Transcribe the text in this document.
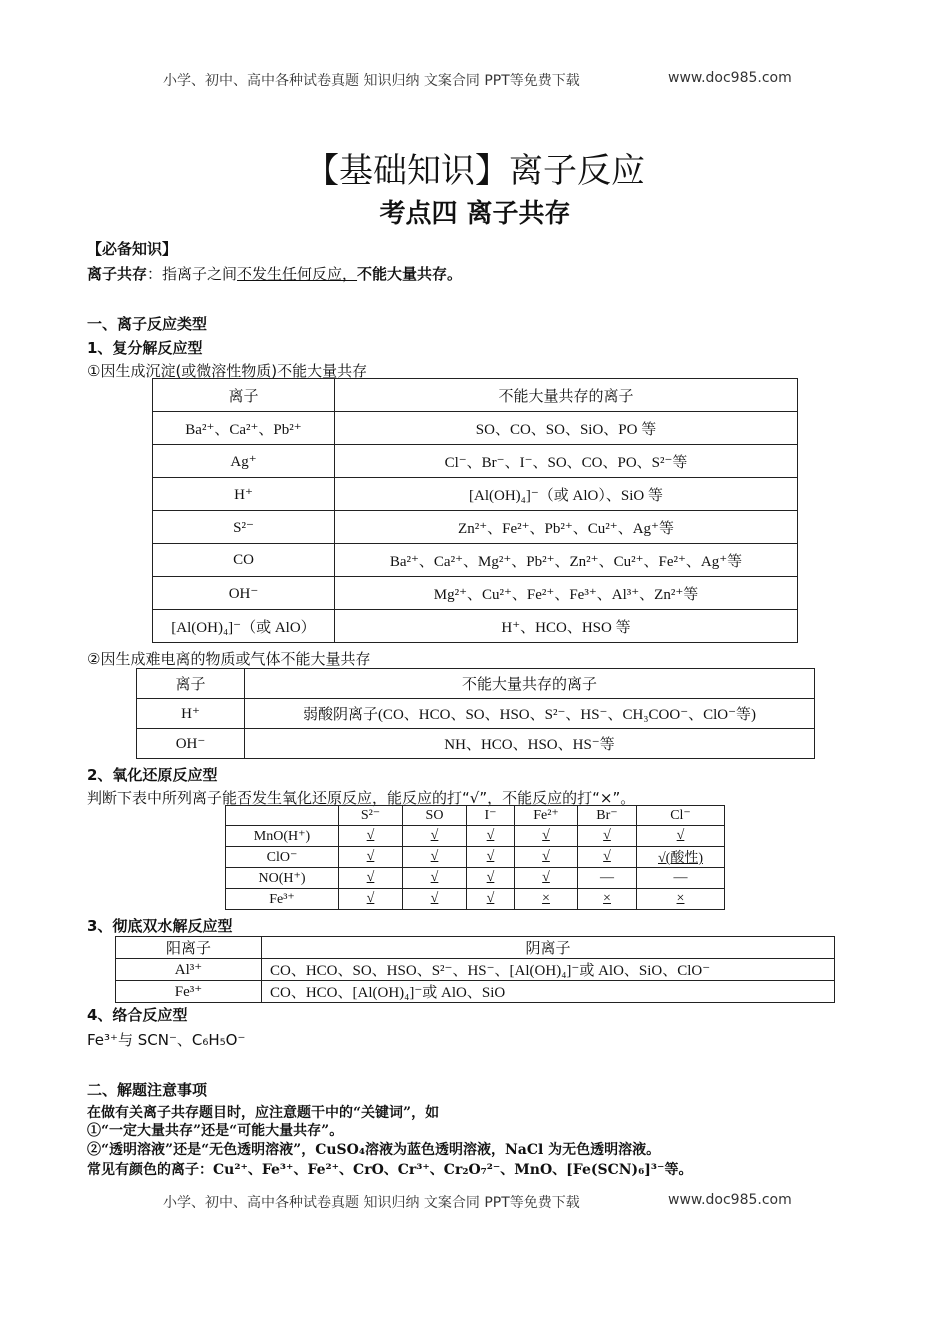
小学、初中、高中各种试卷真题 知识归纳 文案合同 PPT等免费下载	www.doc985.com
【基础知识】离子反应
考点四 离子共存
【必备知识】
离子共存：指离子之间不发生任何反应，不能大量共存。
一、离子反应类型
1、复分解反应型
①因生成沉淀(或微溶性物质)不能大量共存
离子	不能大量共存的离子
Ba²⁺、Ca²⁺、Pb²⁺	SO、CO、SO、SiO、PO 等
Ag⁺	Cl⁻、Br⁻、I⁻、SO、CO、PO、S²⁻等
H⁺	[Al(OH)₄]⁻（或 AlO）、SiO 等
S²⁻	Zn²⁺、Fe²⁺、Pb²⁺、Cu²⁺、Ag⁺等
CO	Ba²⁺、Ca²⁺、Mg²⁺、Pb²⁺、Zn²⁺、Cu²⁺、Fe²⁺、Ag⁺等
OH⁻	Mg²⁺、Cu²⁺、Fe²⁺、Fe³⁺、Al³⁺、Zn²⁺等
[Al(OH)₄]⁻（或 AlO）	H⁺、HCO、HSO 等
②因生成难电离的物质或气体不能大量共存
离子	不能大量共存的离子
H⁺	弱酸阴离子(CO、HCO、SO、HSO、S²⁻、HS⁻、CH₃COO⁻、ClO⁻等)
OH⁻	NH、HCO、HSO、HS⁻等
2、氧化还原反应型
判断下表中所列离子能否发生氧化还原反应，能反应的打“√”，不能反应的打“×”。
	S²⁻	SO	I⁻	Fe²⁺	Br⁻	Cl⁻
MnO(H⁺)	√	√	√	√	√	√
ClO⁻	√	√	√	√	√	√(酸性)
NO(H⁺)	√	√	√	√	—	—
Fe³⁺	√	√	√	×	×	×
3、彻底双水解反应型
阳离子	阴离子
Al³⁺	CO、HCO、SO、HSO、S²⁻、HS⁻、[Al(OH)₄]⁻或 AlO、SiO、ClO⁻
Fe³⁺	CO、HCO、[Al(OH)₄]⁻或 AlO、SiO
4、络合反应型
Fe³⁺与 SCN⁻、C₆H₅O⁻
二、解题注意事项
在做有关离子共存题目时，应注意题干中的“关键词”，如
①“一定大量共存”还是“可能大量共存”。
②“透明溶液”还是“无色透明溶液”，CuSO₄溶液为蓝色透明溶液，NaCl 为无色透明溶液。
常见有颜色的离子：Cu²⁺、Fe³⁺、Fe²⁺、CrO、Cr³⁺、Cr₂O₇²⁻、MnO、[Fe(SCN)₆]³⁻等。
小学、初中、高中各种试卷真题 知识归纳 文案合同 PPT等免费下载	www.doc985.com
